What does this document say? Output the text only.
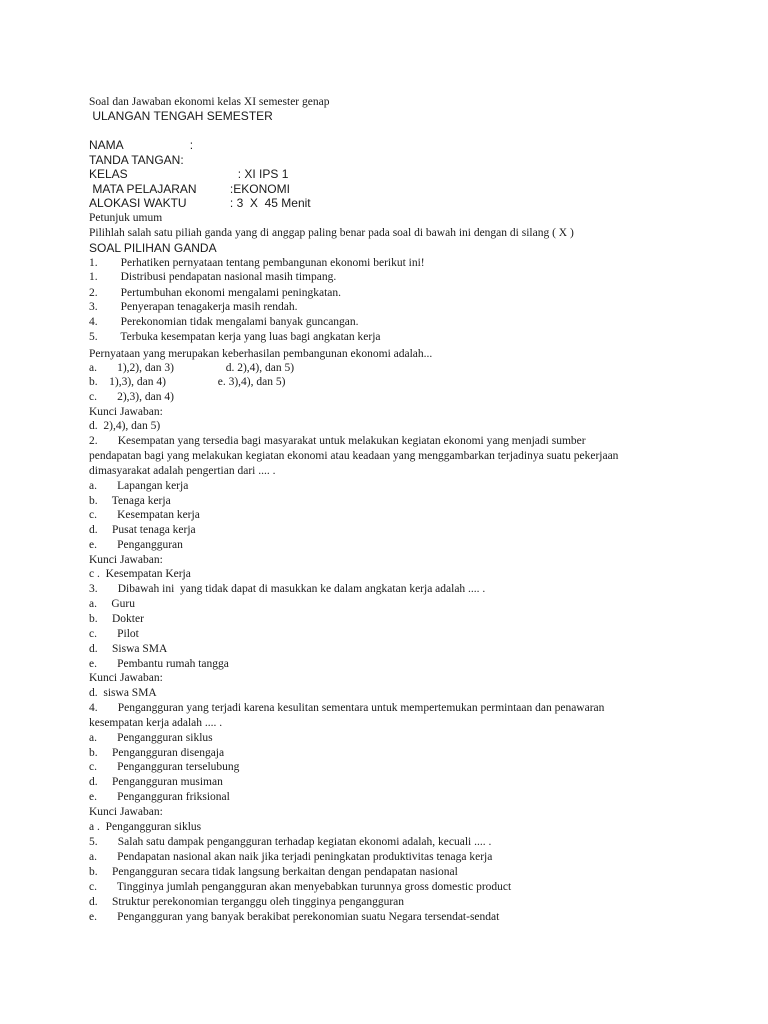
Soal dan Jawaban ekonomi kelas XI semester genap
ULANGAN TENGAH SEMESTER
NAMA                    :
TANDA TANGAN:
KELAS                                 : XI IPS 1
MATA PELAJARAN          :EKONOMI
ALOKASI WAKTU             : 3  X  45 Menit
Petunjuk umum
Pilihlah salah satu piliah ganda yang di anggap paling benar pada soal di bawah ini dengan di silang ( X )
SOAL PILIHAN GANDA
1.        Perhatiken pernyataan tentang pembangunan ekonomi berikut ini!
1.        Distribusi pendapatan nasional masih timpang.
2.        Pertumbuhan ekonomi mengalami peningkatan.
3.        Penyerapan tenagakerja masih rendah.
4.        Perekonomian tidak mengalami banyak guncangan.
5.        Terbuka kesempatan kerja yang luas bagi angkatan kerja
Pernyataan yang merupakan keberhasilan pembangunan ekonomi adalah...
a.       1),2), dan 3)                  d. 2),4), dan 5)
b.    1),3), dan 4)                  e. 3),4), dan 5)
c.       2),3), dan 4)
Kunci Jawaban:
d.  2),4), dan 5)
2.       Kesempatan yang tersedia bagi masyarakat untuk melakukan kegiatan ekonomi yang menjadi sumber
pendapatan bagi yang melakukan kegiatan ekonomi atau keadaan yang menggambarkan terjadinya suatu pekerjaan
dimasyarakat adalah pengertian dari .... .
a.       Lapangan kerja
b.     Tenaga kerja
c.       Kesempatan kerja
d.     Pusat tenaga kerja
e.       Pengangguran
Kunci Jawaban:
c .  Kesempatan Kerja
3.       Dibawah ini  yang tidak dapat di masukkan ke dalam angkatan kerja adalah .... .
a.     Guru
b.     Dokter
c.       Pilot
d.     Siswa SMA
e.       Pembantu rumah tangga
Kunci Jawaban:
d.  siswa SMA
4.       Pengangguran yang terjadi karena kesulitan sementara untuk mempertemukan permintaan dan penawaran
kesempatan kerja adalah .... .
a.       Pengangguran siklus
b.     Pengangguran disengaja
c.       Pengangguran terselubung
d.     Pengangguran musiman
e.       Pengangguran friksional
Kunci Jawaban:
a .  Pengangguran siklus
5.       Salah satu dampak pengangguran terhadap kegiatan ekonomi adalah, kecuali .... .
a.       Pendapatan nasional akan naik jika terjadi peningkatan produktivitas tenaga kerja
b.     Pengangguran secara tidak langsung berkaitan dengan pendapatan nasional
c.       Tingginya jumlah pengangguran akan menyebabkan turunnya gross domestic product
d.     Struktur perekonomian terganggu oleh tingginya pengangguran
e.       Pengangguran yang banyak berakibat perekonomian suatu Negara tersendat-sendat
